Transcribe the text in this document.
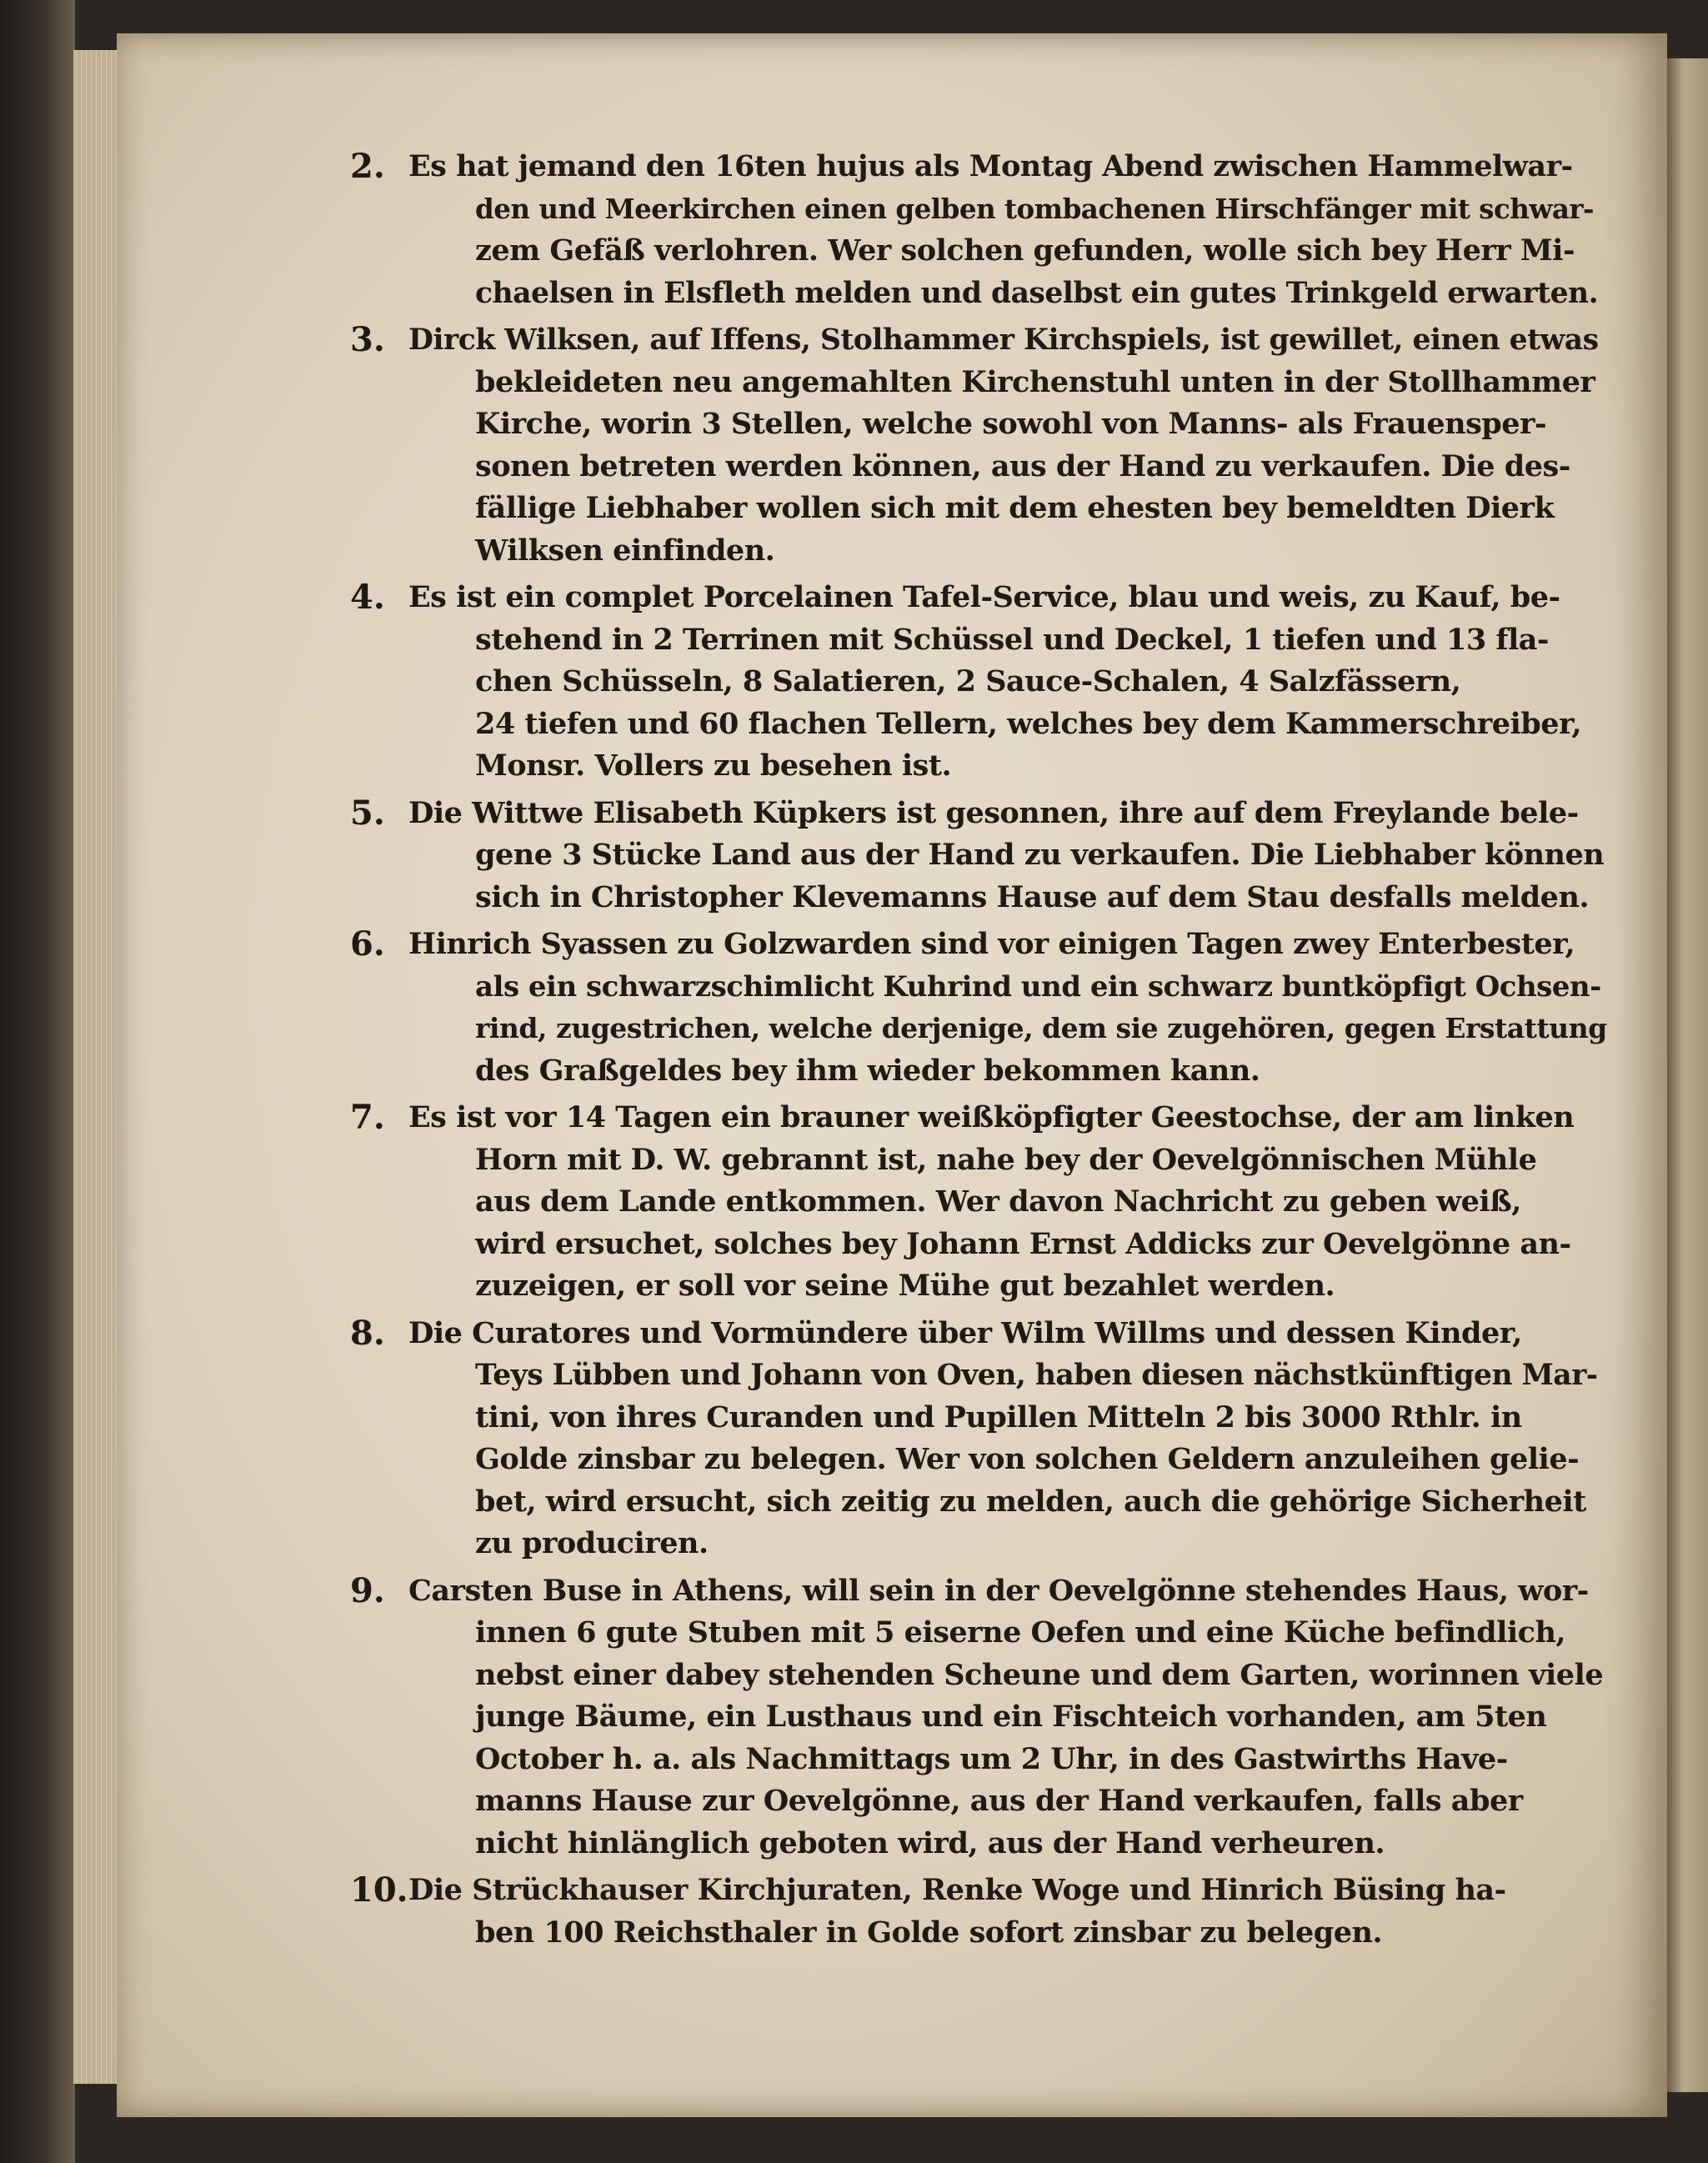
2. Es hat jemand den 16ten hujus als Montag Abend zwischen Hammelwar-
den und Meerkirchen einen gelben tombachenen Hirschfänger mit schwar-
zem Gefäß verlohren. Wer solchen gefunden, wolle sich bey Herr Mi-
chaelsen in Elsfleth melden und daselbst ein gutes Trinkgeld erwarten.
3. Dirck Wilksen, auf Iffens, Stolhammer Kirchspiels, ist gewillet, einen etwas
bekleideten neu angemahlten Kirchenstuhl unten in der Stollhammer
Kirche, worin 3 Stellen, welche sowohl von Manns- als Frauensper-
sonen betreten werden können, aus der Hand zu verkaufen. Die des-
fällige Liebhaber wollen sich mit dem ehesten bey bemeldten Dierk
Wilksen einfinden.
4. Es ist ein complet Porcelainen Tafel-Service, blau und weis, zu Kauf, be-
stehend in 2 Terrinen mit Schüssel und Deckel, 1 tiefen und 13 fla-
chen Schüsseln, 8 Salatieren, 2 Sauce-Schalen, 4 Salzfässern,
24 tiefen und 60 flachen Tellern, welches bey dem Kammerschreiber,
Monsr. Vollers zu besehen ist.
5. Die Wittwe Elisabeth Küpkers ist gesonnen, ihre auf dem Freylande bele-
gene 3 Stücke Land aus der Hand zu verkaufen. Die Liebhaber können
sich in Christopher Klevemanns Hause auf dem Stau desfalls melden.
6. Hinrich Syassen zu Golzwarden sind vor einigen Tagen zwey Enterbester,
als ein schwarzschimlicht Kuhrind und ein schwarz buntköpfigt Ochsen-
rind, zugestrichen, welche derjenige, dem sie zugehören, gegen Erstattung
des Graßgeldes bey ihm wieder bekommen kann.
7. Es ist vor 14 Tagen ein brauner weißköpfigter Geestochse, der am linken
Horn mit D. W. gebrannt ist, nahe bey der Oevelgönnischen Mühle
aus dem Lande entkommen. Wer davon Nachricht zu geben weiß,
wird ersuchet, solches bey Johann Ernst Addicks zur Oevelgönne an-
zuzeigen, er soll vor seine Mühe gut bezahlet werden.
8. Die Curatores und Vormündere über Wilm Willms und dessen Kinder,
Teys Lübben und Johann von Oven, haben diesen nächstkünftigen Mar-
tini, von ihres Curanden und Pupillen Mitteln 2 bis 3000 Rthlr. in
Golde zinsbar zu belegen. Wer von solchen Geldern anzuleihen gelie-
bet, wird ersucht, sich zeitig zu melden, auch die gehörige Sicherheit
zu produciren.
9. Carsten Buse in Athens, will sein in der Oevelgönne stehendes Haus, wor-
innen 6 gute Stuben mit 5 eiserne Oefen und eine Küche befindlich,
nebst einer dabey stehenden Scheune und dem Garten, worinnen viele
junge Bäume, ein Lusthaus und ein Fischteich vorhanden, am 5ten
October h. a. als Nachmittags um 2 Uhr, in des Gastwirths Have-
manns Hause zur Oevelgönne, aus der Hand verkaufen, falls aber
nicht hinlänglich geboten wird, aus der Hand verheuren.
10. Die Strückhauser Kirchjuraten, Renke Woge und Hinrich Büsing ha-
ben 100 Reichsthaler in Golde sofort zinsbar zu belegen.
